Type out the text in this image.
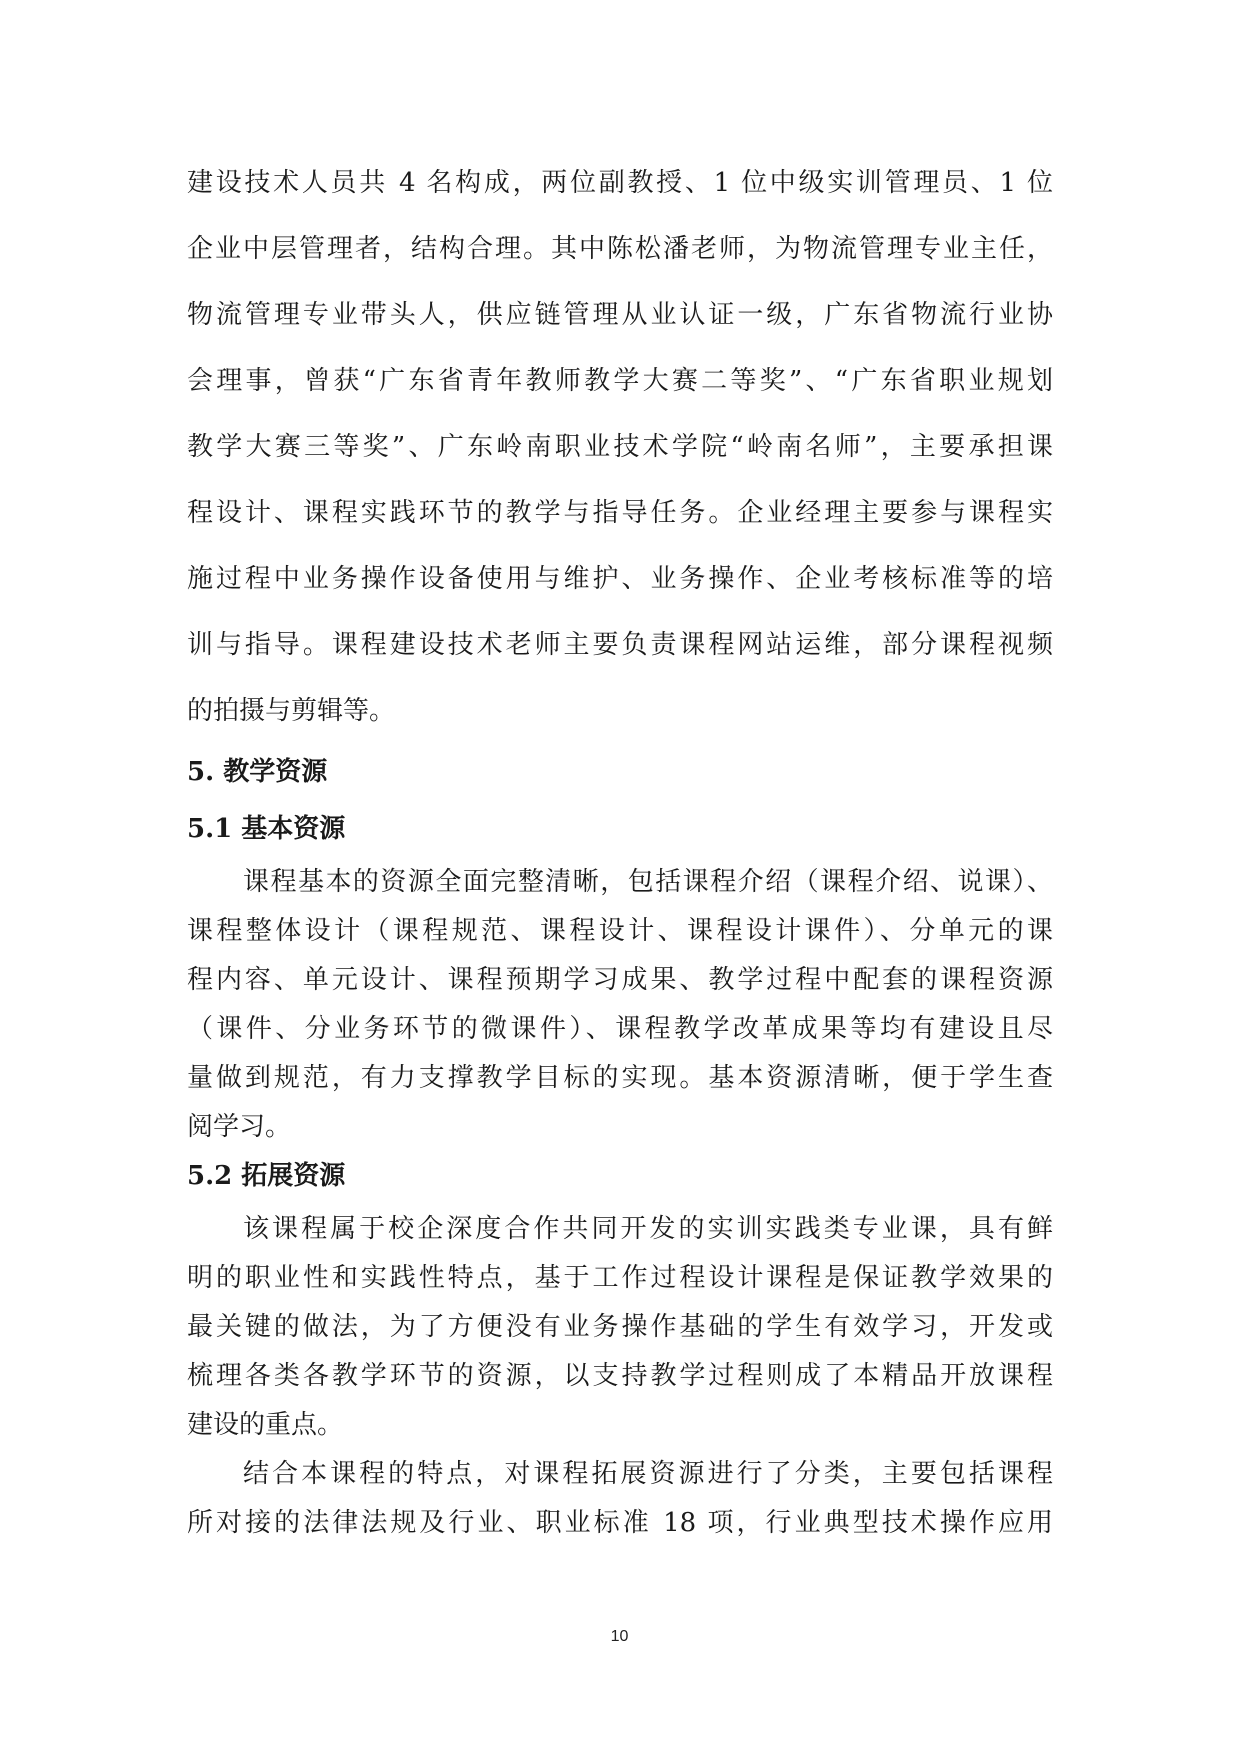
建设技术人员共 4 名构成，两位副教授、1 位中级实训管理员、1 位
企业中层管理者，结构合理。其中陈松潘老师，为物流管理专业主任，
物流管理专业带头人，供应链管理从业认证一级，广东省物流行业协
会理事，曾获“广东省青年教师教学大赛二等奖”、“广东省职业规划
教学大赛三等奖”、广东岭南职业技术学院“岭南名师”，主要承担课
程设计、课程实践环节的教学与指导任务。企业经理主要参与课程实
施过程中业务操作设备使用与维护、业务操作、企业考核标准等的培
训与指导。课程建设技术老师主要负责课程网站运维，部分课程视频
的拍摄与剪辑等。
5. 教学资源
5.1 基本资源
课程基本的资源全面完整清晰，包括课程介绍（课程介绍、说课）、
课程整体设计（课程规范、课程设计、课程设计课件）、分单元的课
程内容、单元设计、课程预期学习成果、教学过程中配套的课程资源
（课件、分业务环节的微课件）、课程教学改革成果等均有建设且尽
量做到规范，有力支撑教学目标的实现。基本资源清晰，便于学生查
阅学习。
5.2 拓展资源
该课程属于校企深度合作共同开发的实训实践类专业课，具有鲜
明的职业性和实践性特点，基于工作过程设计课程是保证教学效果的
最关键的做法，为了方便没有业务操作基础的学生有效学习，开发或
梳理各类各教学环节的资源，以支持教学过程则成了本精品开放课程
建设的重点。
结合本课程的特点，对课程拓展资源进行了分类，主要包括课程
所对接的法律法规及行业、职业标准 18 项，行业典型技术操作应用
10
